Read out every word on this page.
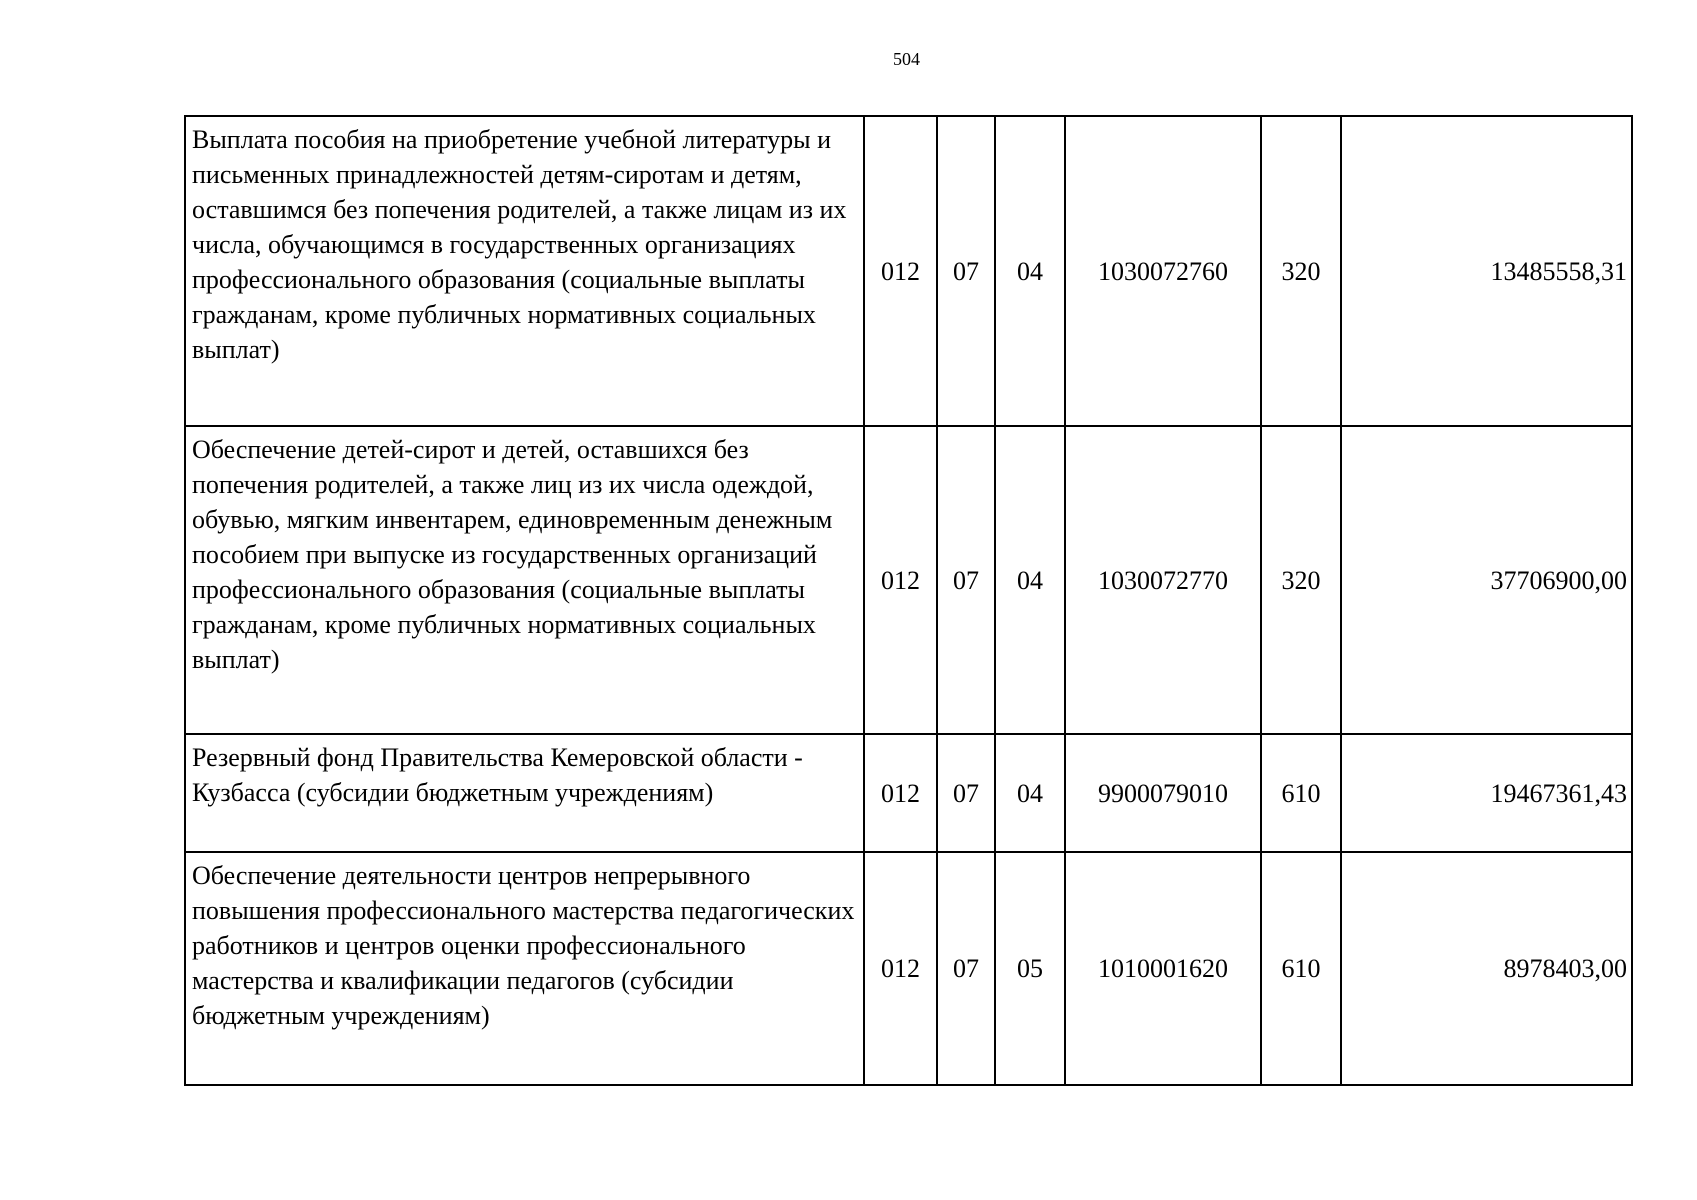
504
Выплата пособия на приобретение учебной литературы и письменных принадлежностей детям-сиротам и детям, оставшимся без попечения родителей, а также лицам из их числа, обучающимся в государственных организациях профессионального образования (социальные выплаты гражданам, кроме публичных нормативных социальных выплат)	012	07	04	1030072760	320	13485558,31
Обеспечение детей-сирот и детей, оставшихся без попечения родителей, а также лиц из их числа одеждой, обувью, мягким инвентарем, единовременным денежным пособием при выпуске из государственных организаций профессионального образования (социальные выплаты гражданам, кроме публичных нормативных социальных выплат)	012	07	04	1030072770	320	37706900,00
Резервный фонд Правительства Кемеровской области - Кузбасса (субсидии бюджетным учреждениям)	012	07	04	9900079010	610	19467361,43
Обеспечение деятельности центров непрерывного повышения профессионального мастерства педагогических работников и центров оценки профессионального мастерства и квалификации педагогов (субсидии бюджетным учреждениям)	012	07	05	1010001620	610	8978403,00
